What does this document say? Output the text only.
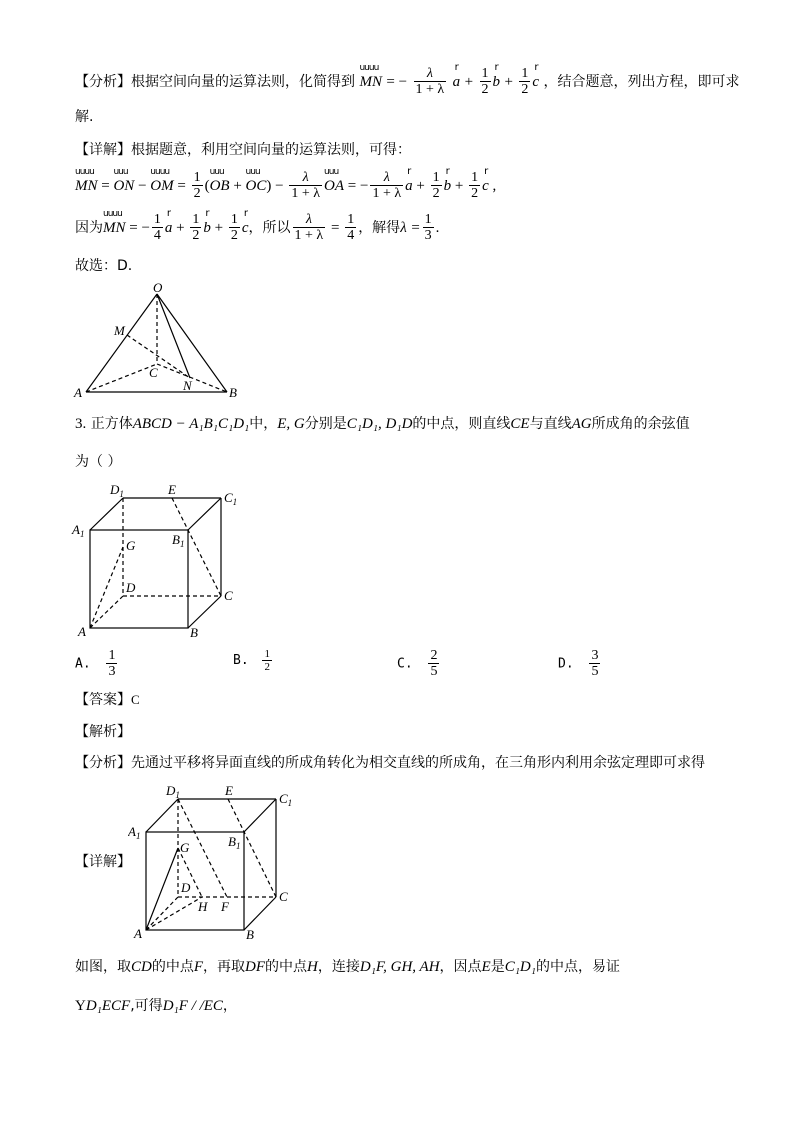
【分析】根据空间向量的运算法则，化简得到
uuuu
MN = − $\frac{\lambda}{1 + \lambda}$
r
$a + \frac{1}{2}$ r
$b + \frac{1}{2}$ r
c ，结合题意，列出方程，即可求
解.
【详解】根据题意，利用空间向量的运算法则，可得：
uuuu
MN =
uuu
ON −
uuuu
OM = $\frac{1}{2}$ (
uuu
OB +
uuu
$OC) - \frac{\lambda}{1 + \lambda}$ uuu
OA = − $\frac{\lambda}{1 + \lambda}$ r
$a + \frac{1}{2}$ r
$b + \frac{1}{2}$ r
c ,
因为
uuuu
MN = − $\frac{1}{4}$ r
$a + \frac{1}{2}$ r
$b + \frac{1}{2}$ r
c，所以 $\frac{\lambda}{1 + \lambda} = \frac{1}{4}$ ，解得$\lambda = \frac{1}{3}$ .
故选：D.
O
M
C
N
A	B
3. 正方体ABCD − A₁B₁C₁D₁中，E, G分别是C₁D₁, D₁D的中点，则直线CE与直线AG所成角的余弦值
为（ ）
$D_1$	E
$C_1$
$A_1$
G	$B_1$
D
C
A	B
A. $\frac{1}{3}$	B. $\frac{1}{2}$	C. $\frac{2}{5}$	D. $\frac{3}{5}$
【答案】C
【解析】
【分析】先通过平移将异面直线的所成角转化为相交直线的所成角，在三角形内利用余弦定理即可求得
【详解】
$D_1$	E
$C_1$
$A_1$
G	$B_1$
D
H F
C
A	B
如图，取CD的中点F，再取DF的中点H，连接D₁F, GH, AH，因点E是C₁D₁的中点，易证
YD₁ECF,可得D₁F / /EC，
